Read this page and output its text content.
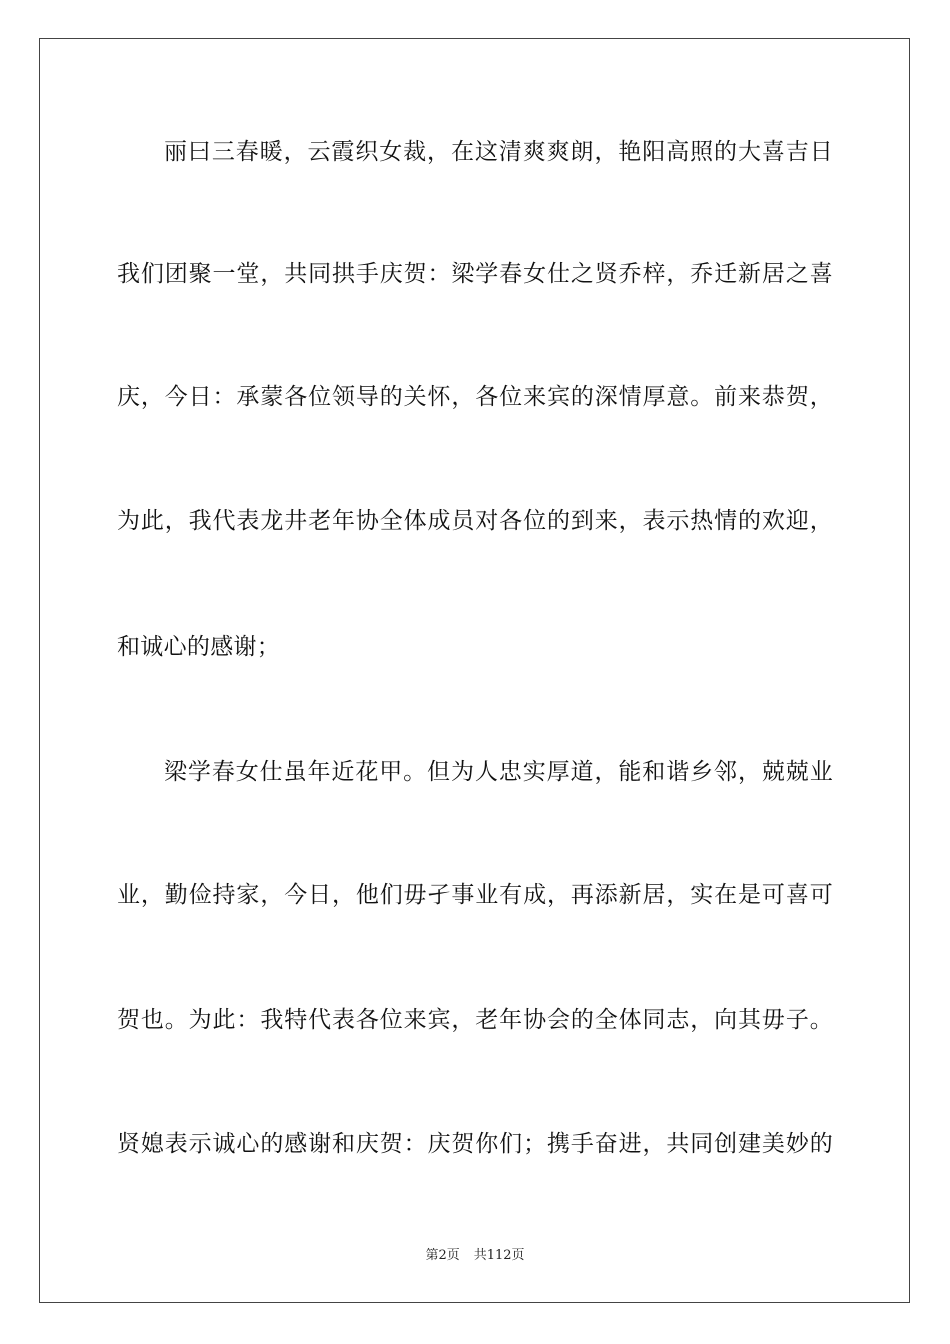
丽曰三春暖，云霞织女裁，在这清爽爽朗，艳阳高照的大喜吉日
我们团聚一堂，共同拱手庆贺：梁学春女仕之贤乔梓，乔迁新居之喜
庆，今日：承蒙各位领导的关怀，各位来宾的深情厚意。前来恭贺，
为此，我代表龙井老年协全体成员对各位的到来，表示热情的欢迎，
和诚心的感谢；
梁学春女仕虽年近花甲。但为人忠实厚道，能和谐乡邻，兢兢业
业，勤俭持家，今日，他们毋孑事业有成，再添新居，实在是可喜可
贺也。为此：我特代表各位来宾，老年协会的全体同志，向其毋子。
贤媳表示诚心的感谢和庆贺：庆贺你们；携手奋进，共同创建美妙的
第2页 共112页
